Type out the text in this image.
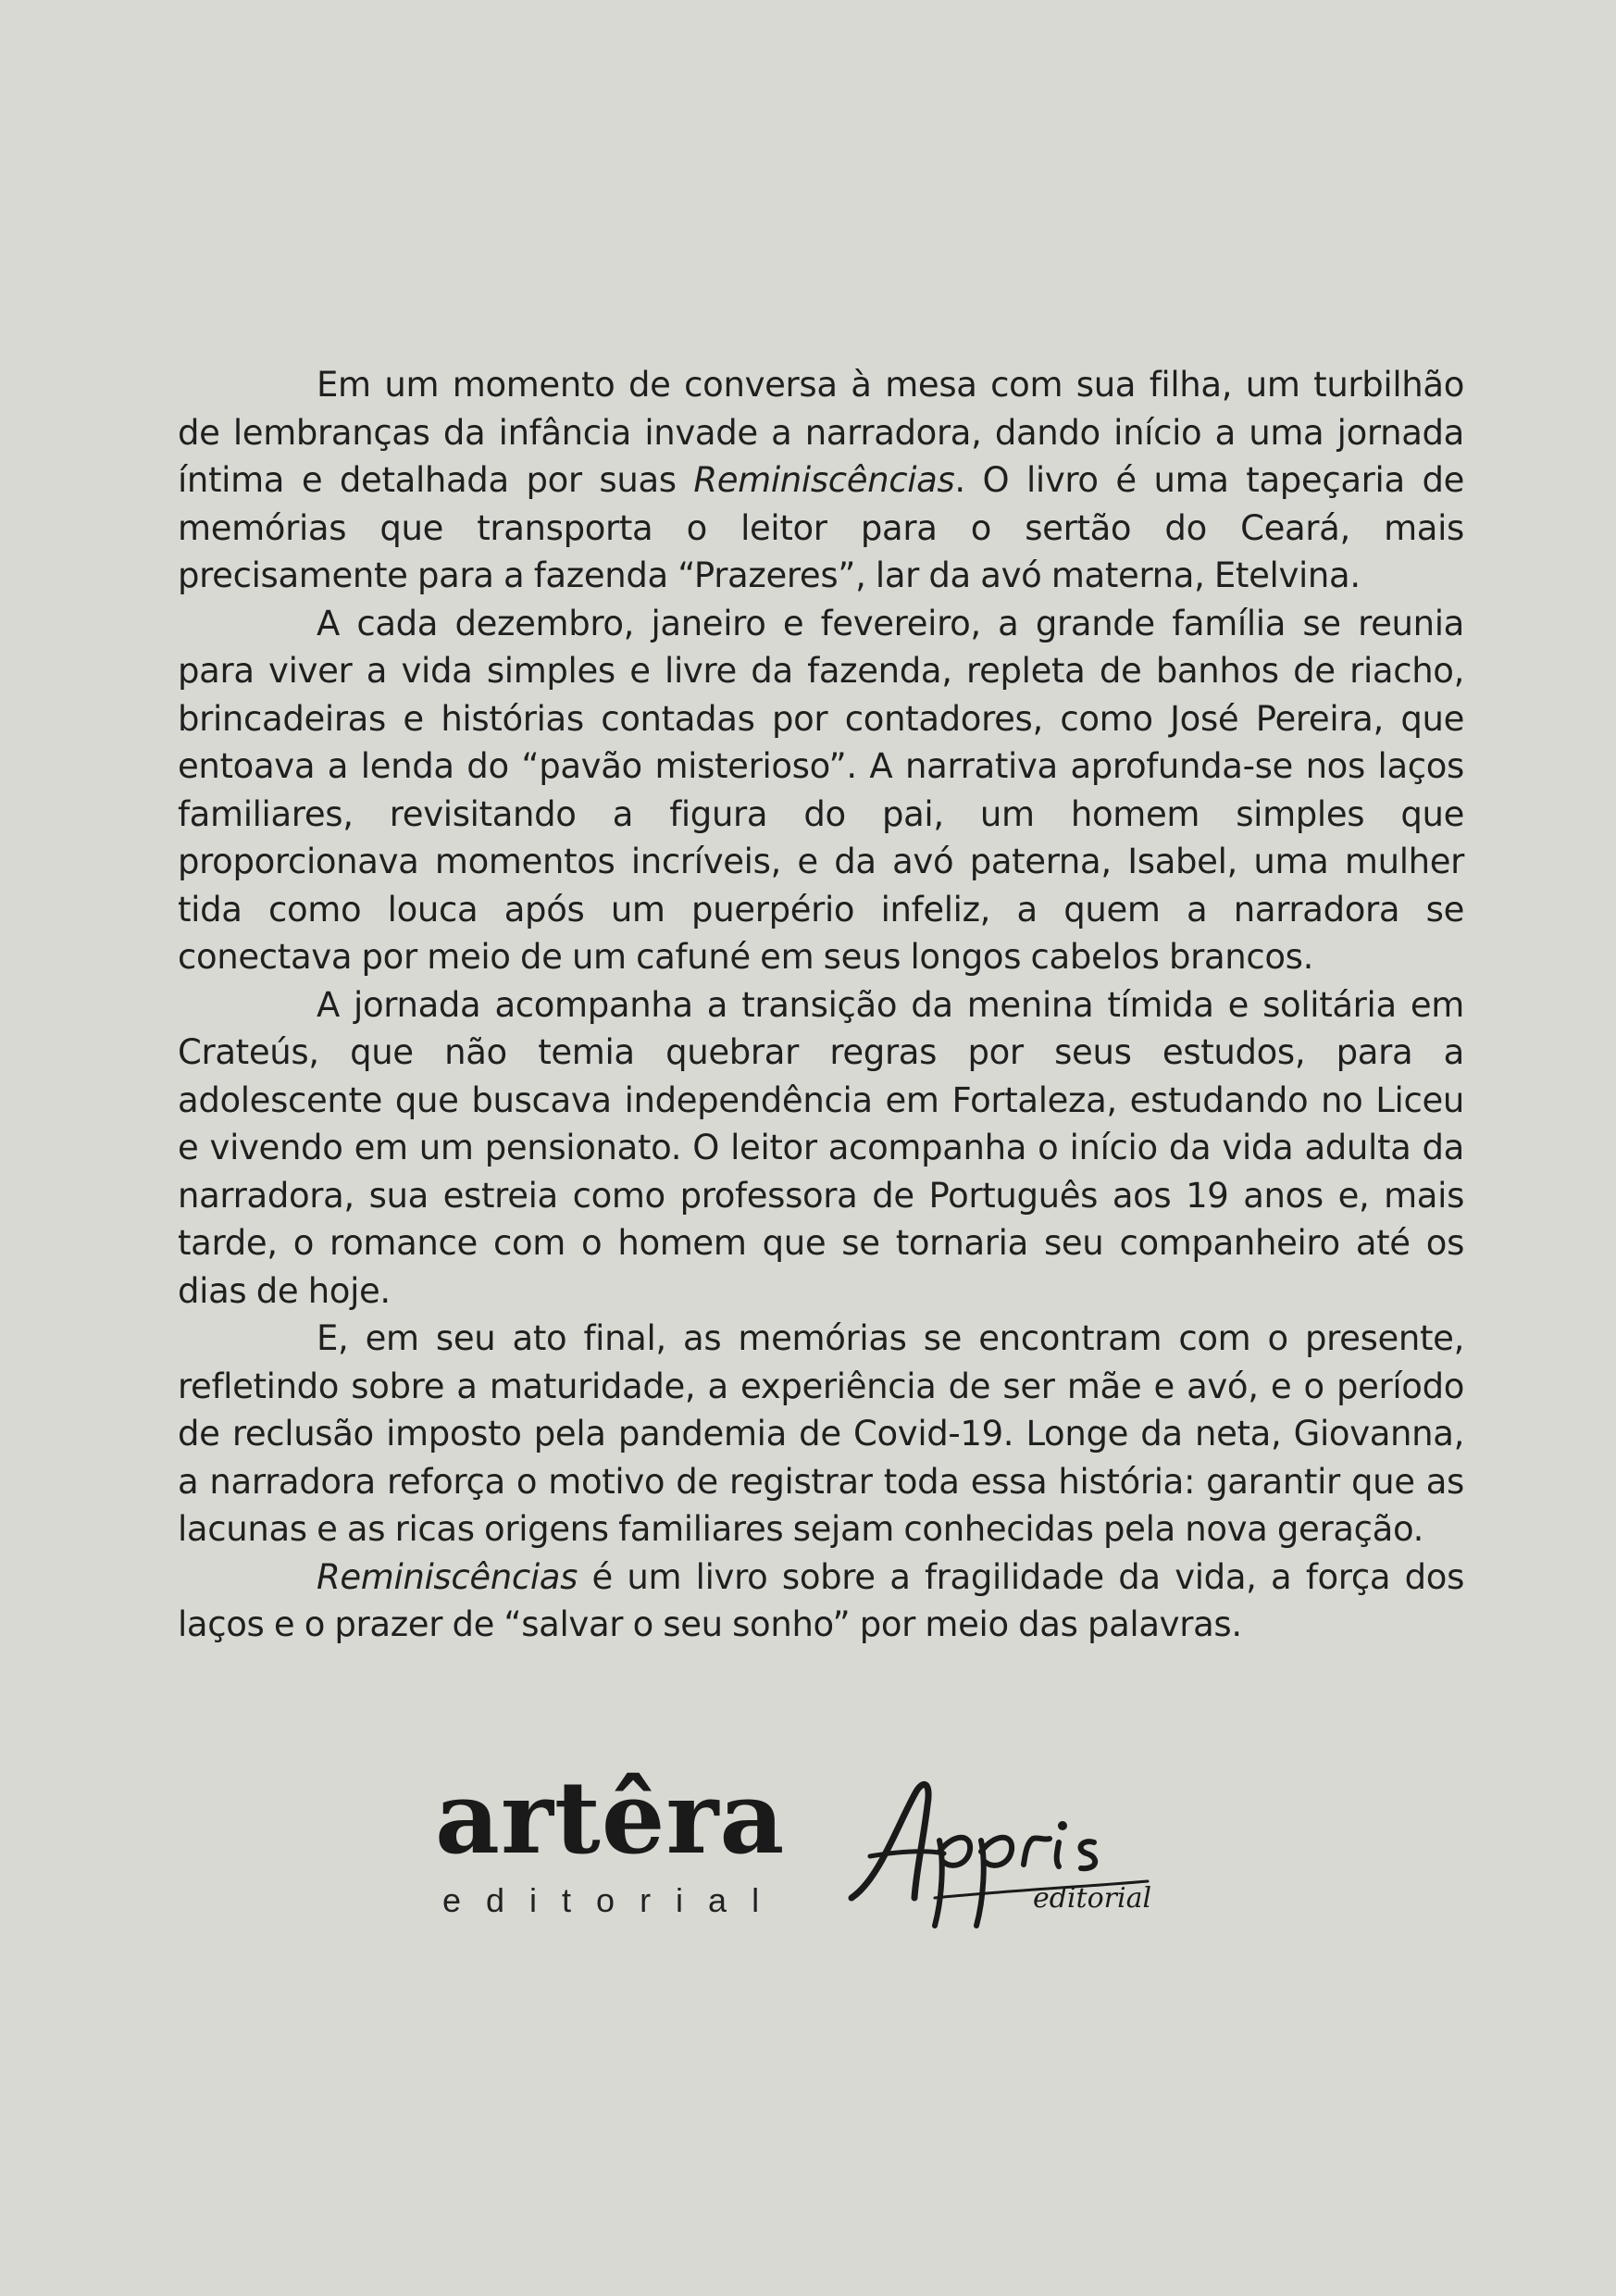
Em um momento de conversa à mesa com sua filha, um turbilhão de lembranças da infância invade a narradora, dando início a uma jornada íntima e detalhada por suas Reminiscências. O livro é uma tapeçaria de memórias que transporta o leitor para o sertão do Ceará, mais precisamente para a fazenda “Prazeres”, lar da avó materna, Etelvina.

A cada dezembro, janeiro e fevereiro, a grande família se reunia para viver a vida simples e livre da fazenda, repleta de banhos de riacho, brincadeiras e histórias contadas por contadores, como José Pereira, que entoava a lenda do “pavão misterioso”. A narrativa aprofunda-se nos laços familiares, revisitando a figura do pai, um homem simples que proporcionava momentos incríveis, e da avó paterna, Isabel, uma mulher tida como louca após um puerpério infeliz, a quem a narradora se conectava por meio de um cafuné em seus longos cabelos brancos.

A jornada acompanha a transição da menina tímida e solitária em Crateús, que não temia quebrar regras por seus estudos, para a adolescente que buscava independência em Fortaleza, estudando no Liceu e vivendo em um pensionato. O leitor acompanha o início da vida adulta da narradora, sua estreia como professora de Português aos 19 anos e, mais tarde, o romance com o homem que se tornaria seu companheiro até os dias de hoje.

E, em seu ato final, as memórias se encontram com o presente, refletindo sobre a maturidade, a experiência de ser mãe e avó, e o período de reclusão imposto pela pandemia de Covid-19. Longe da neta, Giovanna, a narradora reforça o motivo de registrar toda essa história: garantir que as lacunas e as ricas origens familiares sejam conhecidas pela nova geração.

Reminiscências é um livro sobre a fragilidade da vida, a força dos laços e o prazer de “salvar o seu sonho” por meio das palavras.

artêra
editorial	editorial
